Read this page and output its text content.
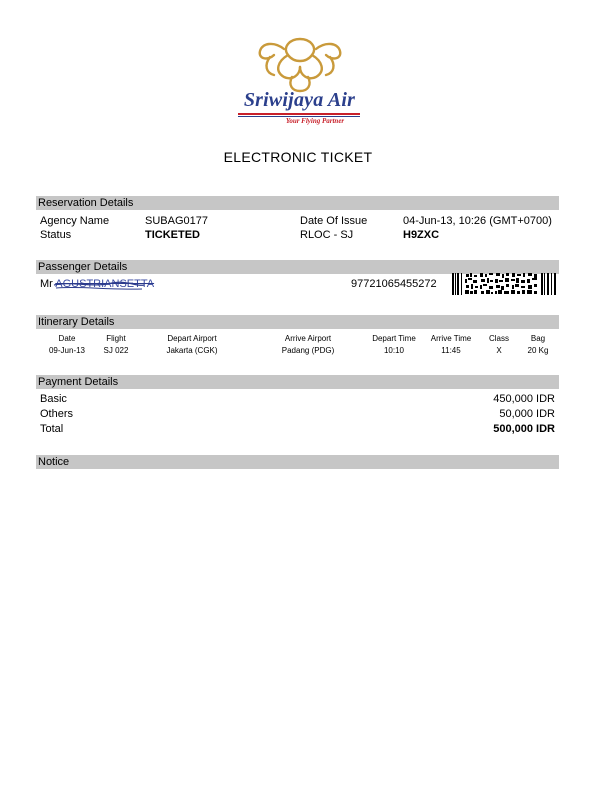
Sriwijaya Air
Your Flying Partner
ELECTRONIC TICKET
Reservation Details
Agency Name	SUBAG0177
Status	TICKETED
Date Of Issue	04-Jun-13, 10:26 (GMT+0700)
RLOC - SJ	H9ZXC
Passenger Details
Mr AGUSTRIANSETTA	97721065455272
Itinerary Details
Date	Flight	Depart Airport	Arrive Airport	Depart Time	Arrive Time	Class	Bag
09-Jun-13	SJ 022	Jakarta (CGK)	Padang (PDG)	10:10	11:45	X	20 Kg
Payment Details
Basic	450,000 IDR
Others	50,000 IDR
Total	500,000 IDR
Notice
